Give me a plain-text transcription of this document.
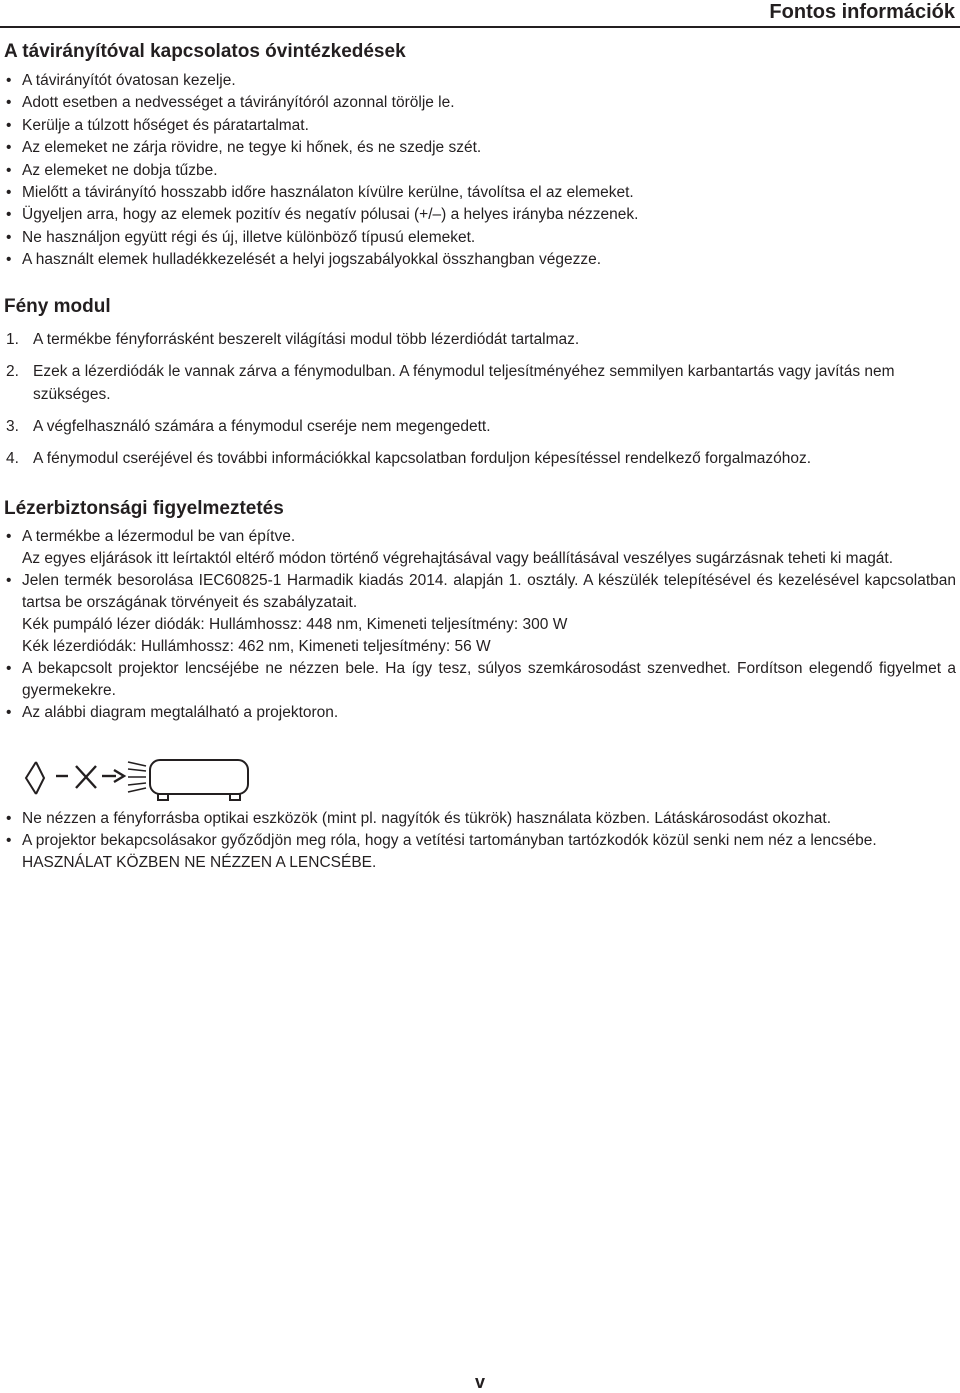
Fontos információk
A távirányítóval kapcsolatos óvintézkedések
• A távirányítót óvatosan kezelje.
• Adott esetben a nedvességet a távirányítóról azonnal törölje le.
• Kerülje a túlzott hőséget és páratartalmat.
• Az elemeket ne zárja rövidre, ne tegye ki hőnek, és ne szedje szét.
• Az elemeket ne dobja tűzbe.
• Mielőtt a távirányító hosszabb időre használaton kívülre kerülne, távolítsa el az elemeket.
• Ügyeljen arra, hogy az elemek pozitív és negatív pólusai (+/–) a helyes irányba nézzenek.
• Ne használjon együtt régi és új, illetve különböző típusú elemeket.
• A használt elemek hulladékkezelését a helyi jogszabályokkal összhangban végezze.
Fény modul
1. A termékbe fényforrásként beszerelt világítási modul több lézerdiódát tartalmaz.
2. Ezek a lézerdiódák le vannak zárva a fénymodulban. A fénymodul teljesítményéhez semmilyen karbantartás vagy javítás nem szükséges.
3. A végfelhasználó számára a fénymodul cseréje nem megengedett.
4. A fénymodul cseréjével és további információkkal kapcsolatban forduljon képesítéssel rendelkező forgalmazóhoz.
Lézerbiztonsági figyelmeztetés
• A termékbe a lézermodul be van építve.
Az egyes eljárások itt leírtaktól eltérő módon történő végrehajtásával vagy beállításával veszélyes sugárzásnak teheti ki magát.
• Jelen termék besorolása IEC60825-1 Harmadik kiadás 2014. alapján 1. osztály. A készülék telepítésével és kezelésével kapcsolatban tartsa be országának törvényeit és szabályzatait.
Kék pumpáló lézer diódák: Hullámhossz: 448 nm, Kimeneti teljesítmény: 300 W
Kék lézerdiódák: Hullámhossz: 462 nm, Kimeneti teljesítmény: 56 W
• A bekapcsolt projektor lencséjébe ne nézzen bele. Ha így tesz, súlyos szemkárosodást szenvedhet. Fordítson elegendő figyelmet a gyermekekre.
• Az alábbi diagram megtalálható a projektoron.
• Ne nézzen a fényforrásba optikai eszközök (mint pl. nagyítók és tükrök) használata közben. Látáskárosodást okozhat.
• A projektor bekapcsolásakor győződjön meg róla, hogy a vetítési tartományban tartózkodók közül senki nem néz a lencsébe.
HASZNÁLAT KÖZBEN NE NÉZZEN A LENCSÉBE.
v
